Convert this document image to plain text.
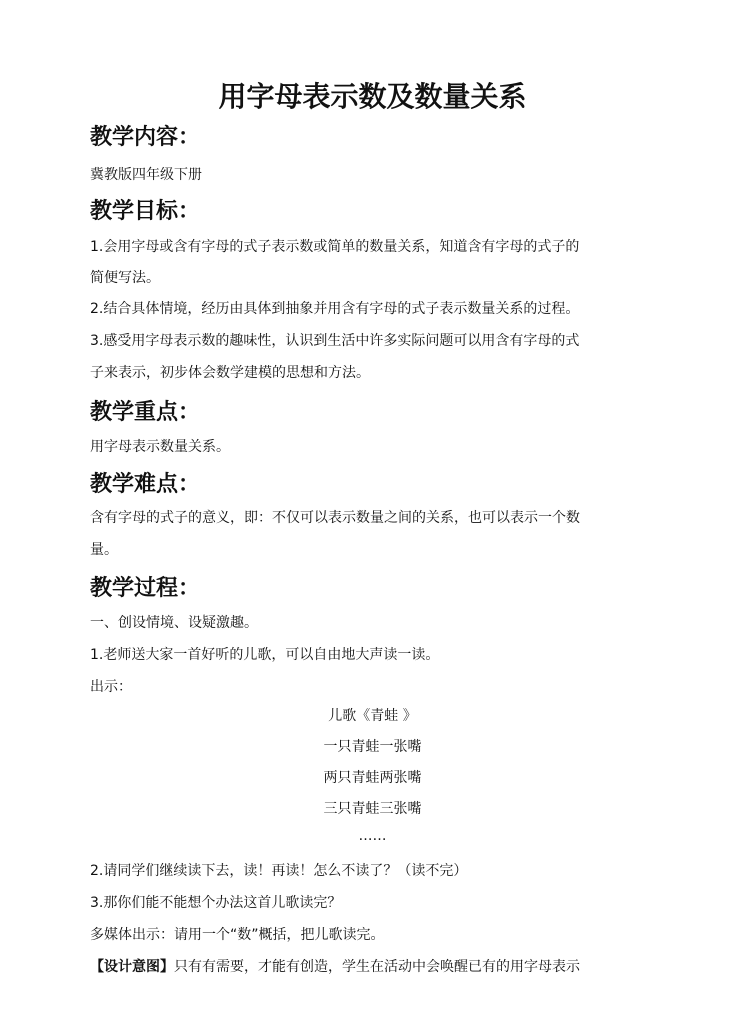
用字母表示数及数量关系
教学内容：

冀教版四年级下册

教学目标：

1.会用字母或含有字母的式子表示数或简单的数量关系，知道含有字母的式子的

简便写法。

2.结合具体情境，经历由具体到抽象并用含有字母的式子表示数量关系的过程。

3.感受用字母表示数的趣味性，认识到生活中许多实际问题可以用含有字母的式

子来表示，初步体会数学建模的思想和方法。

教学重点：

用字母表示数量关系。

教学难点：

含有字母的式子的意义，即：不仅可以表示数量之间的关系，也可以表示一个数

量。

教学过程：

一、创设情境、设疑激趣。

1.老师送大家一首好听的儿歌，可以自由地大声读一读。

出示：

儿歌《青蛙 》

一只青蛙一张嘴

两只青蛙两张嘴

三只青蛙三张嘴

……

2.请同学们继续读下去，读！再读！怎么不读了？（读不完）

3.那你们能不能想个办法这首儿歌读完？

多媒体出示：请用一个“数”概括，把儿歌读完。

【设计意图】只有有需要，才能有创造，学生在活动中会唤醒已有的用字母表示
